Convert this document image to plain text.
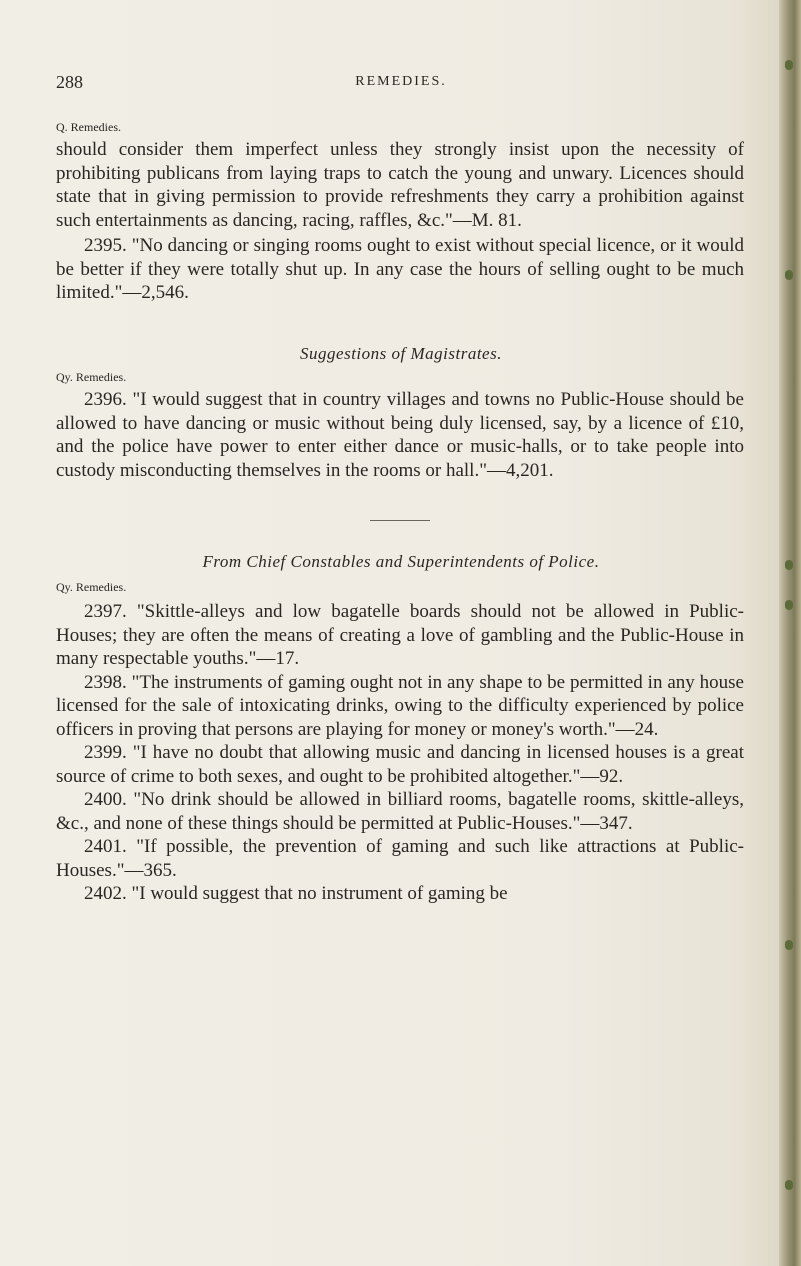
288	REMEDIES.
Q. Remedies.

should consider them imperfect unless they strongly insist upon the necessity of prohibiting publicans from laying traps to catch the young and unwary. Licences should state that in giving permission to provide refreshments they carry a prohibition against such entertainments as dancing, racing, raffles, &c."—M. 81.

2395. "No dancing or singing rooms ought to exist without special licence, or it would be better if they were totally shut up. In any case the hours of selling ought to be much limited."—2,546.

Suggestions of Magistrates.
Qy. Remedies.

2396. "I would suggest that in country villages and towns no Public-House should be allowed to have dancing or music without being duly licensed, say, by a licence of £10, and the police have power to enter either dance or music-halls, or to take people into custody misconducting themselves in the rooms or hall."—4,201.

From Chief Constables and Superintendents of Police.
Qy. Remedies.

2397. "Skittle-alleys and low bagatelle boards should not be allowed in Public-Houses; they are often the means of creating a love of gambling and the Public-House in many respectable youths."—17.

2398. "The instruments of gaming ought not in any shape to be permitted in any house licensed for the sale of intoxicating drinks, owing to the difficulty experienced by police officers in proving that persons are playing for money or money's worth."—24.

2399. "I have no doubt that allowing music and dancing in licensed houses is a great source of crime to both sexes, and ought to be prohibited altogether."—92.

2400. "No drink should be allowed in billiard rooms, bagatelle rooms, skittle-alleys, &c., and none of these things should be permitted at Public-Houses."—347.

2401. "If possible, the prevention of gaming and such like attractions at Public-Houses."—365.

2402. "I would suggest that no instrument of gaming be
